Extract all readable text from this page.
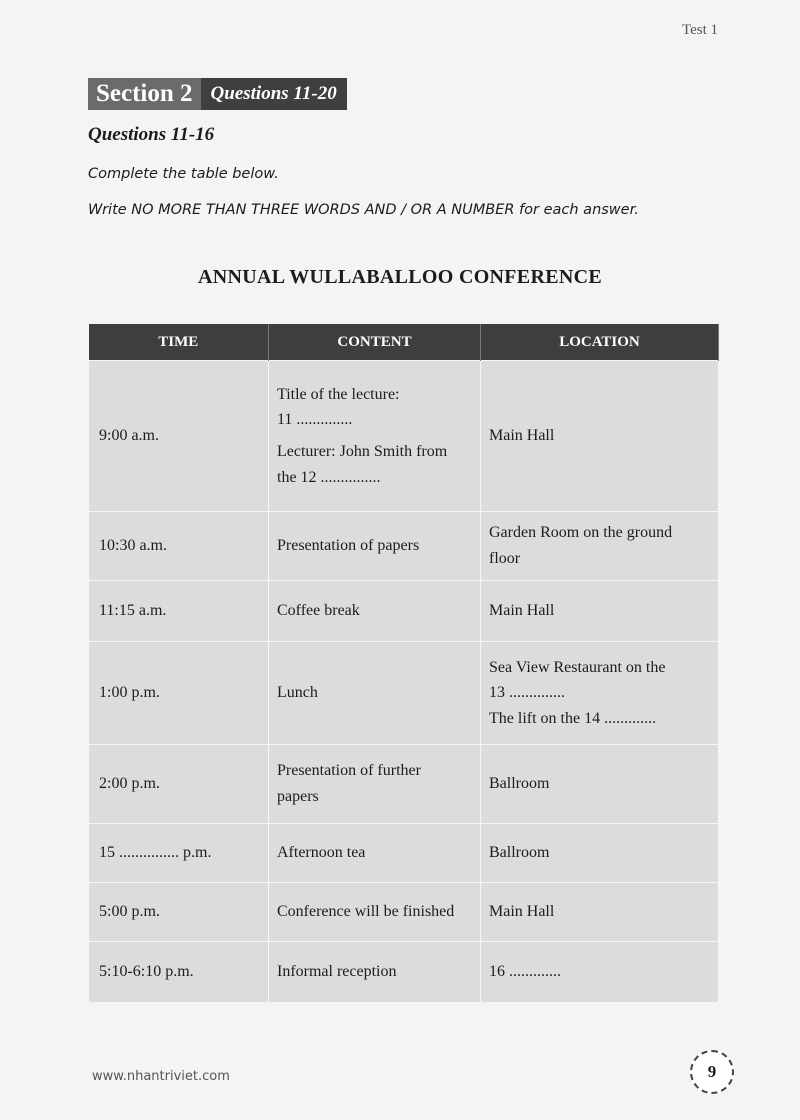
Test 1
Section 2 Questions 11-20
Questions 11-16
Complete the table below.
Write NO MORE THAN THREE WORDS AND / OR A NUMBER for each answer.
ANNUAL WULLABALLOO CONFERENCE
TIME	CONTENT	LOCATION
9:00 a.m.	Title of the lecture:
11 ..............
Lecturer: John Smith from
the 12 ...............	Main Hall

10:30 a.m.	Presentation of papers	Garden Room on the ground
floor

11:15 a.m.	Coffee break	Main Hall

1:00 p.m.	Lunch	Sea View Restaurant on the
13 ..............
The lift on the 14 .............

2:00 p.m.	Presentation of further
papers	Ballroom

15 ............... p.m.	Afternoon tea	Ballroom

5:00 p.m.	Conference will be finished	Main Hall

5:10-6:10 p.m.	Informal reception	16 .............
www.nhantriviet.com	9
